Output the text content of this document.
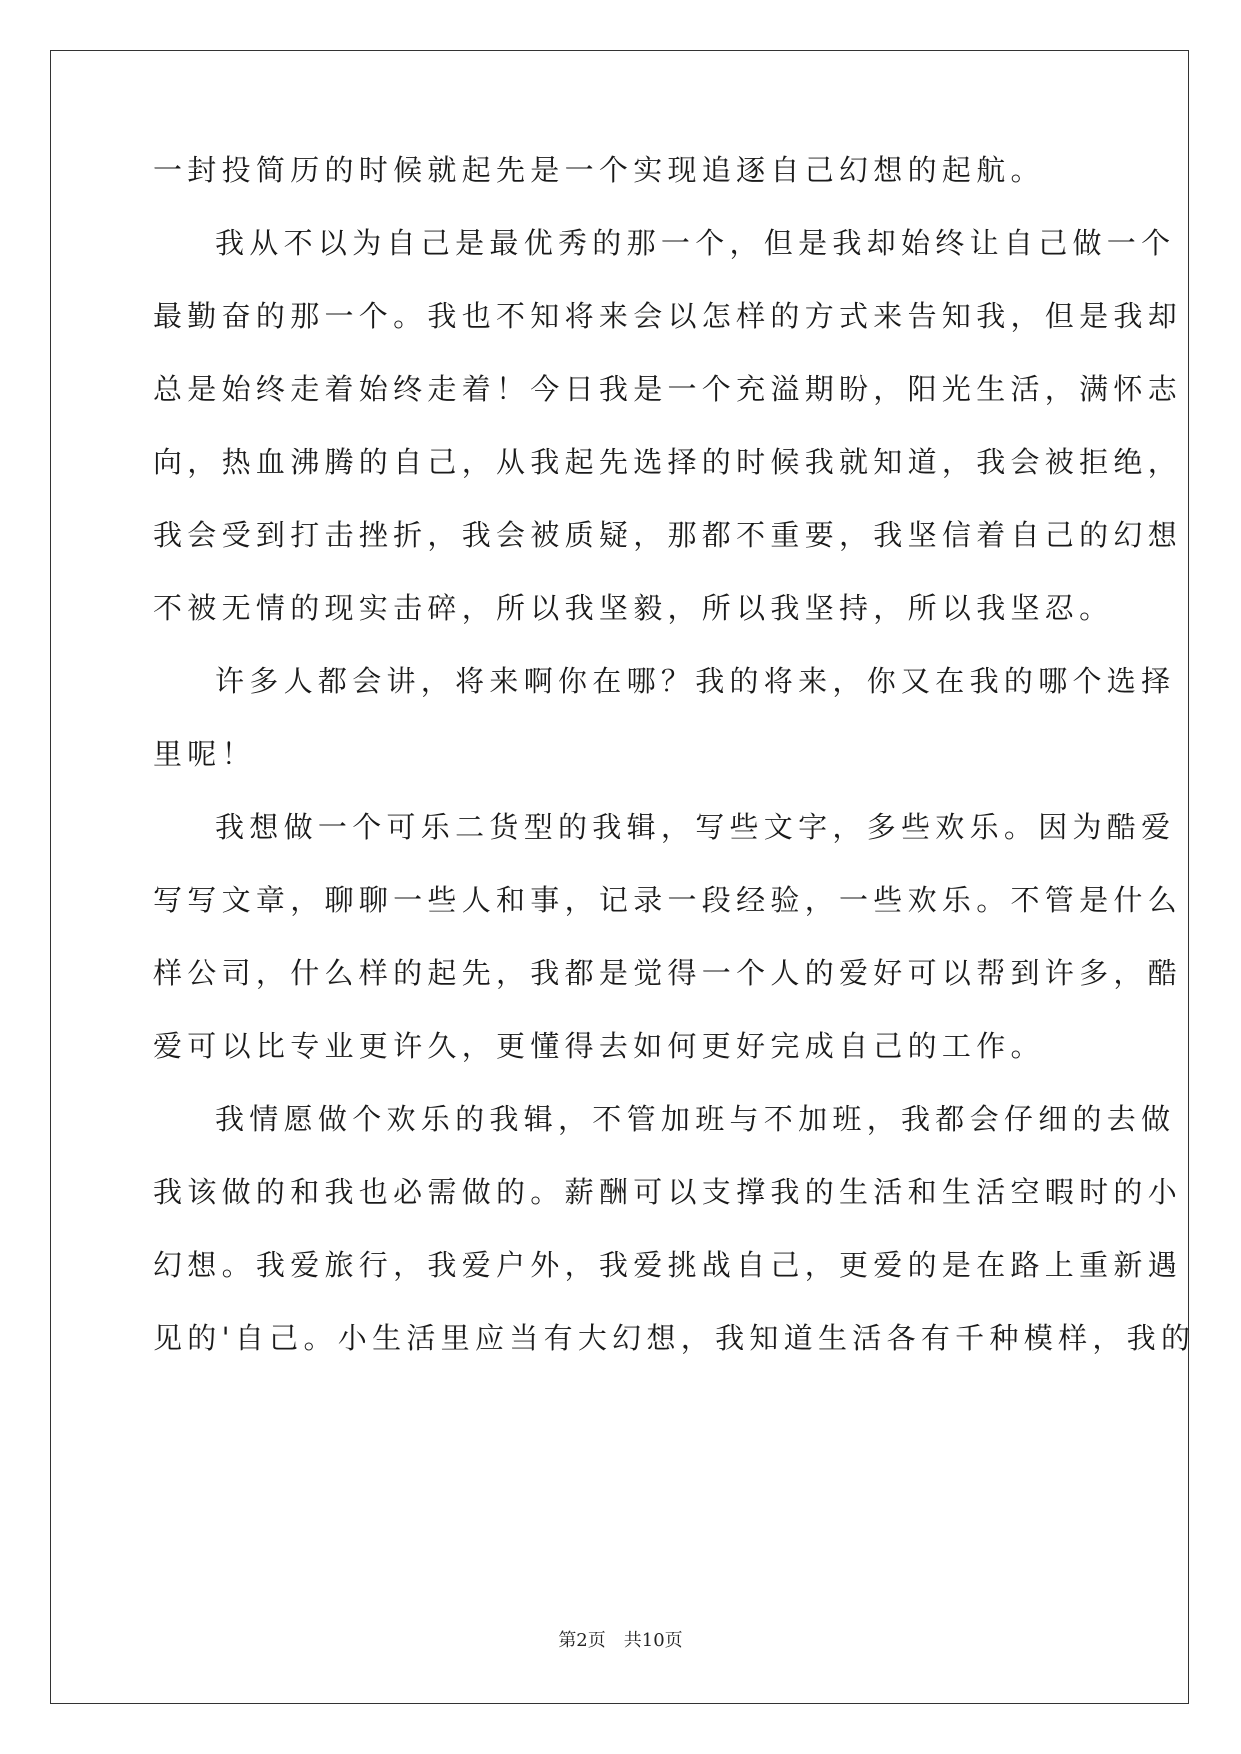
一封投简历的时候就起先是一个实现追逐自己幻想的起航。
我从不以为自己是最优秀的那一个，但是我却始终让自己做一个
最勤奋的那一个。我也不知将来会以怎样的方式来告知我，但是我却
总是始终走着始终走着！今日我是一个充溢期盼，阳光生活，满怀志
向，热血沸腾的自己，从我起先选择的时候我就知道，我会被拒绝，
我会受到打击挫折，我会被质疑，那都不重要，我坚信着自己的幻想
不被无情的现实击碎，所以我坚毅，所以我坚持，所以我坚忍。
许多人都会讲，将来啊你在哪？我的将来，你又在我的哪个选择
里呢！
我想做一个可乐二货型的我辑，写些文字，多些欢乐。因为酷爱
写写文章，聊聊一些人和事，记录一段经验，一些欢乐。不管是什么
样公司，什么样的起先，我都是觉得一个人的爱好可以帮到许多，酷
爱可以比专业更许久，更懂得去如何更好完成自己的工作。
我情愿做个欢乐的我辑，不管加班与不加班，我都会仔细的去做
我该做的和我也必需做的。薪酬可以支撑我的生活和生活空暇时的小
幻想。我爱旅行，我爱户外，我爱挑战自己，更爱的是在路上重新遇
见的'自己。小生活里应当有大幻想，我知道生活各有千种模样，我的
第2页 共10页
